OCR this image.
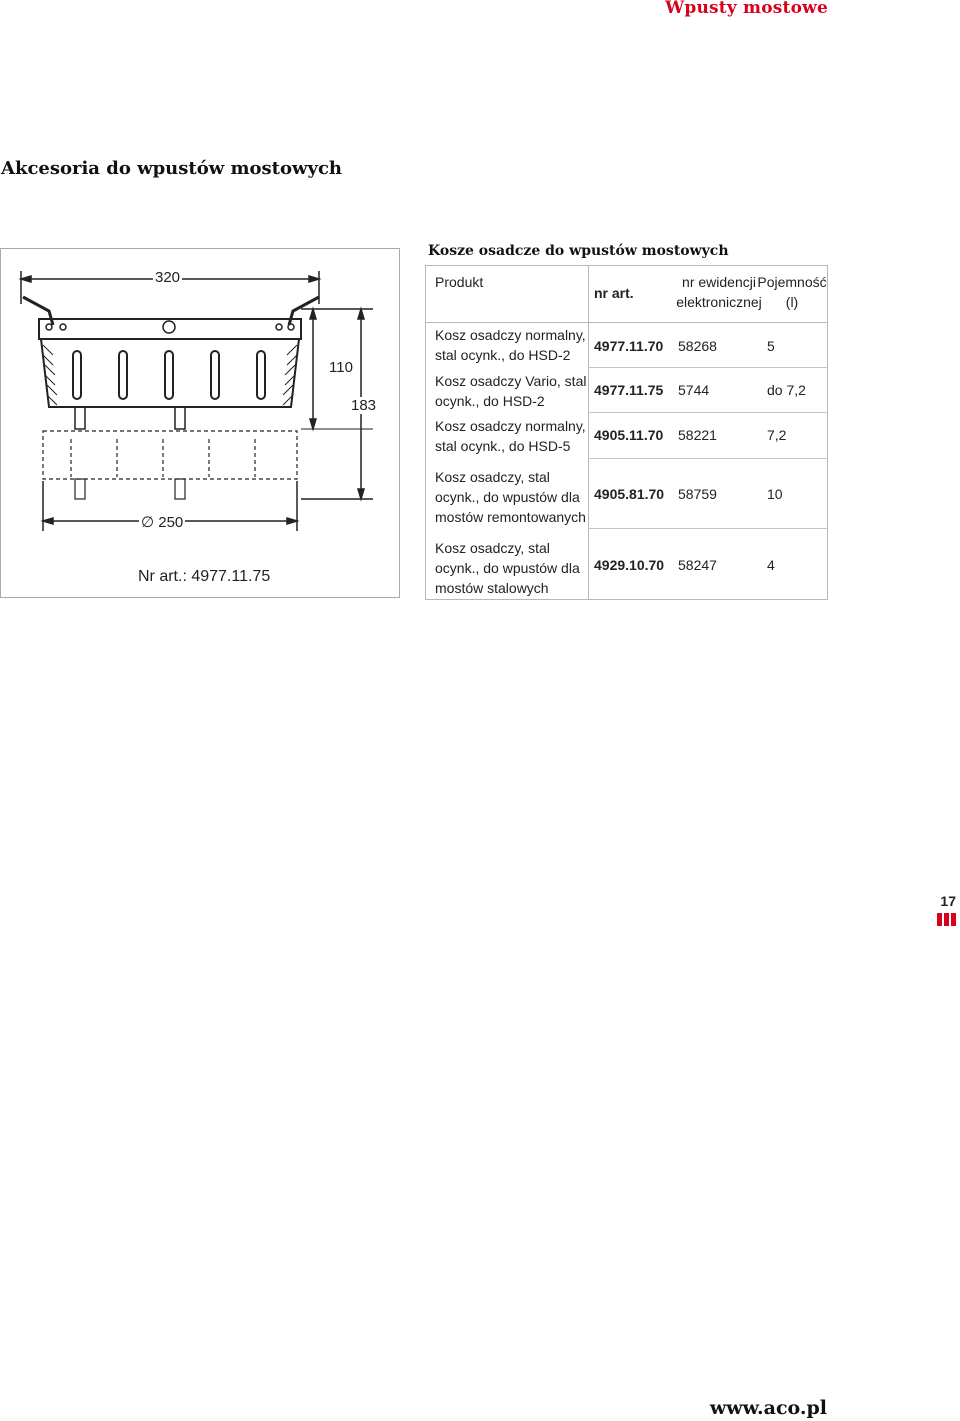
Wpusty mostowe
Akcesoria do wpustów mostowych
320
110
183
∅ 250
Nr art.: 4977.11.75
Kosze osadcze do wpustów mostowych
Produkt
nr art.
nr ewidencji
elektronicznej
Pojemność
(l)
Kosz osadczy normalny,
stal ocynk., do HSD-2
4977.11.70 58268	5
Kosz osadczy Vario, stal
ocynk., do HSD-2
4977.11.75 5744	do 7,2
Kosz osadczy normalny,
stal ocynk., do HSD-5
4905.11.70 58221	7,2
Kosz osadczy, stal
ocynk., do wpustów dla
mostów remontowanych
4905.81.70 58759	10
Kosz osadczy, stal
ocynk., do wpustów dla
mostów stalowych
4929.10.70 58247	4
17
www.aco.pl
